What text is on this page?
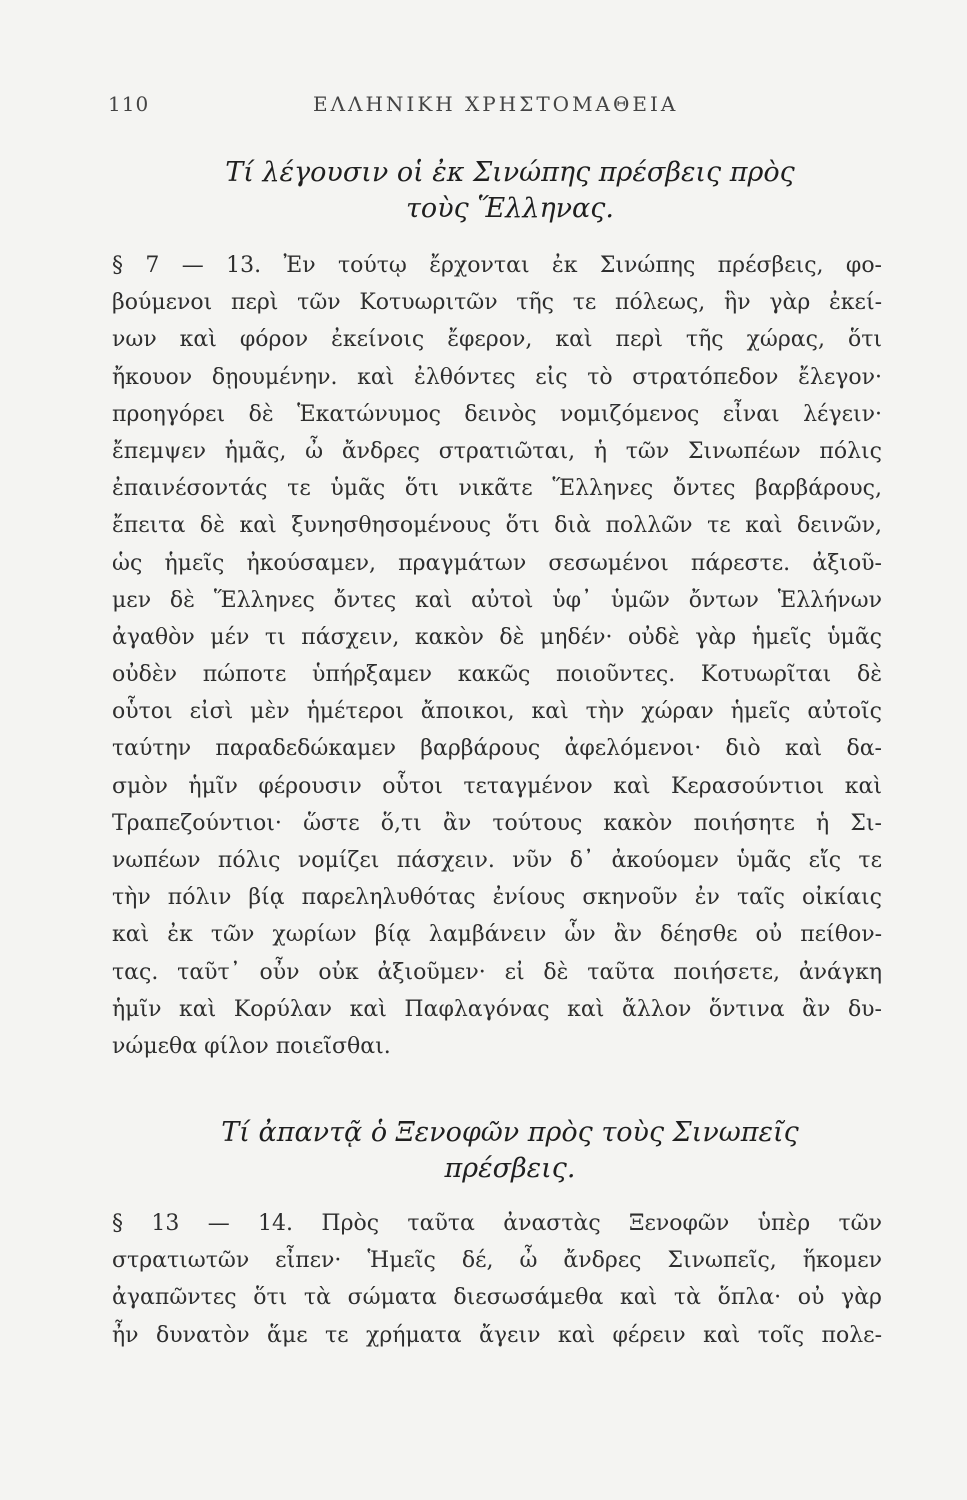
110	ΕΛΛΗΝΙΚΗ ΧΡΗΣΤΟΜΑΘΕΙΑ
Τί λέγουσιν οἱ ἐκ Σινώπης πρέσβεις πρὸς
τοὺς Ἕλληνας.
§ 7 — 13. Ἐν τούτῳ ἔρχονται ἐκ Σινώπης πρέσβεις, φο-
βούμενοι περὶ τῶν Κοτυωριτῶν τῆς τε πόλεως, ἣν γὰρ ἐκεί-
νων καὶ φόρον ἐκείνοις ἔφερον, καὶ περὶ τῆς χώρας, ὅτι
ἤκουον δῃουμένην. καὶ ἐλθόντες εἰς τὸ στρατόπεδον ἔλεγον·
προηγόρει δὲ Ἑκατώνυμος δεινὸς νομιζόμενος εἶναι λέγειν·
ἔπεμψεν ἡμᾶς, ὦ ἄνδρες στρατιῶται, ἡ τῶν Σινωπέων πόλις
ἐπαινέσοντάς τε ὑμᾶς ὅτι νικᾶτε Ἕλληνες ὄντες βαρβάρους,
ἔπειτα δὲ καὶ ξυνησθησομένους ὅτι διὰ πολλῶν τε καὶ δεινῶν,
ὡς ἡμεῖς ἠκούσαμεν, πραγμάτων σεσωμένοι πάρεστε. ἀξιοῦ-
μεν δὲ Ἕλληνες ὄντες καὶ αὐτοὶ ὑφ᾽ ὑμῶν ὄντων Ἑλλήνων
ἀγαθὸν μέν τι πάσχειν, κακὸν δὲ μηδέν· οὐδὲ γὰρ ἡμεῖς ὑμᾶς
οὐδὲν πώποτε ὑπήρξαμεν κακῶς ποιοῦντες. Κοτυωρῖται δὲ
οὗτοι εἰσὶ μὲν ἡμέτεροι ἄποικοι, καὶ τὴν χώραν ἡμεῖς αὐτοῖς
ταύτην παραδεδώκαμεν βαρβάρους ἀφελόμενοι· διὸ καὶ δα-
σμὸν ἡμῖν φέρουσιν οὗτοι τεταγμένον καὶ Κερασούντιοι καὶ
Τραπεζούντιοι· ὥστε ὅ,τι ἂν τούτους κακὸν ποιήσητε ἡ Σι-
νωπέων πόλις νομίζει πάσχειν. νῦν δ᾽ ἀκούομεν ὑμᾶς εἴς τε
τὴν πόλιν βίᾳ παρεληλυθότας ἐνίους σκηνοῦν ἐν ταῖς οἰκίαις
καὶ ἐκ τῶν χωρίων βίᾳ λαμβάνειν ὧν ἂν δέησθε οὐ πείθον-
τας. ταῦτ᾽ οὖν οὐκ ἀξιοῦμεν· εἰ δὲ ταῦτα ποιήσετε, ἀνάγκη
ἡμῖν καὶ Κορύλαν καὶ Παφλαγόνας καὶ ἄλλον ὅντινα ἂν δυ-
νώμεθα φίλον ποιεῖσθαι.
Τί ἀπαντᾷ ὁ Ξενοφῶν πρὸς τοὺς Σινωπεῖς
πρέσβεις.
§ 13 — 14. Πρὸς ταῦτα ἀναστὰς Ξενοφῶν ὑπὲρ τῶν
στρατιωτῶν εἶπεν· Ἡμεῖς δέ, ὦ ἄνδρες Σινωπεῖς, ἥκομεν
ἀγαπῶντες ὅτι τὰ σώματα διεσωσάμεθα καὶ τὰ ὅπλα· οὐ γὰρ
ἦν δυνατὸν ἅμε τε χρήματα ἄγειν καὶ φέρειν καὶ τοῖς πολε-
